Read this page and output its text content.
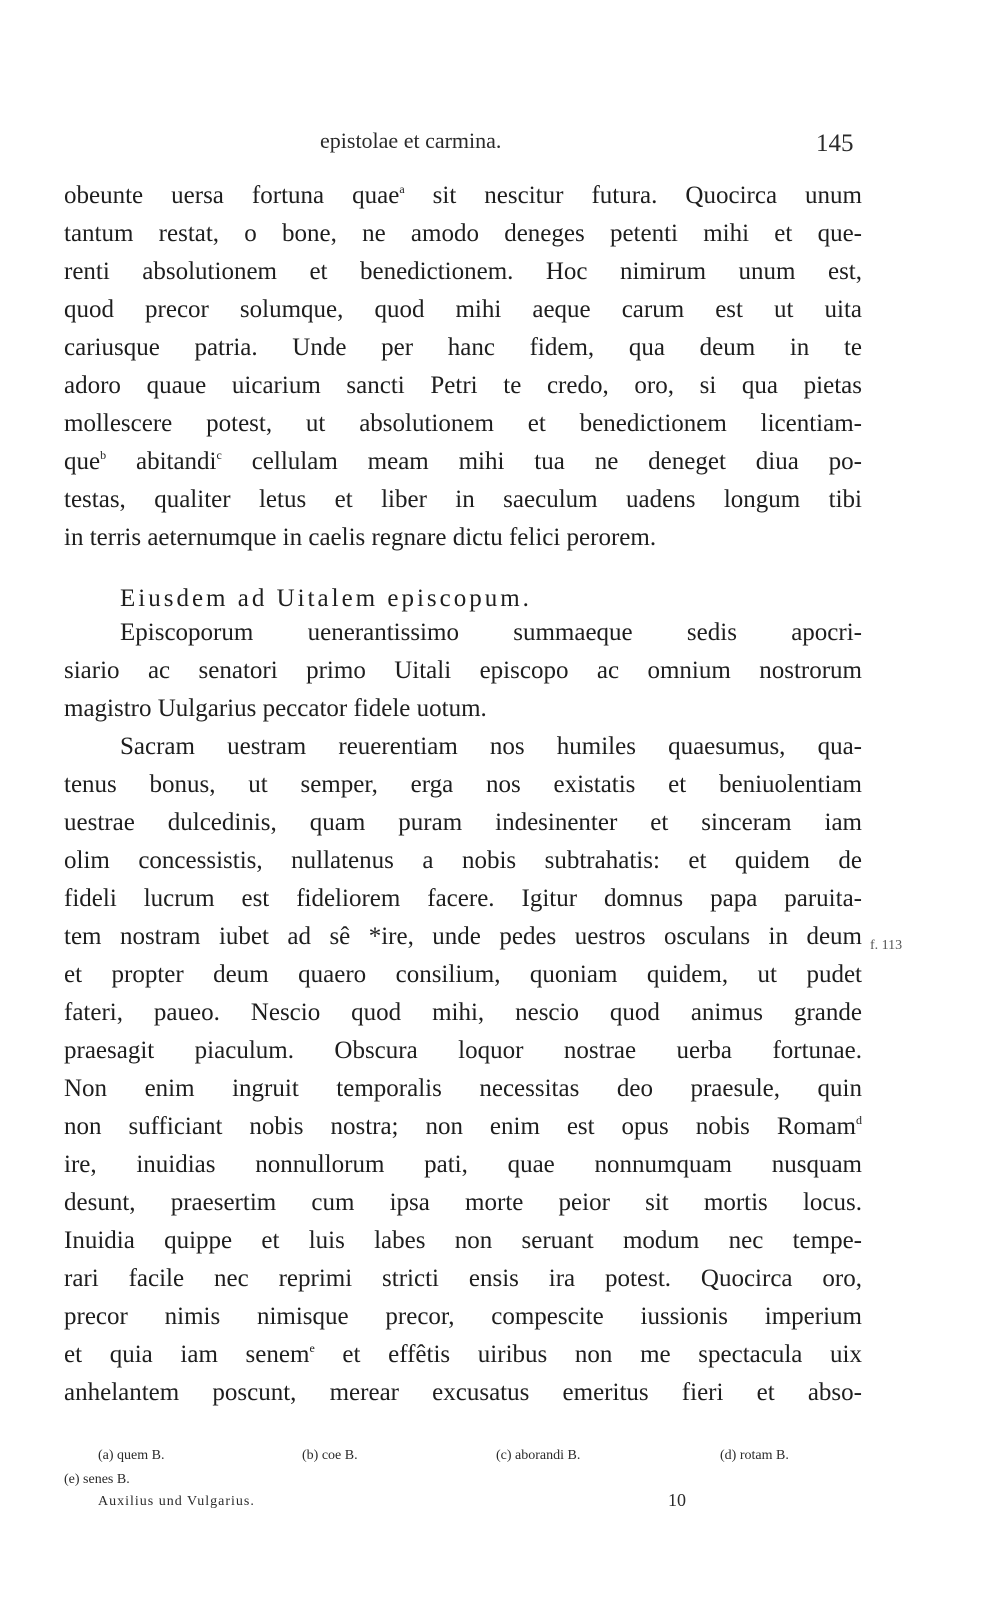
epistolae et carmina.	145
obeunte uersa fortuna quae$^a$ sit nescitur futura. Quocirca unum
tantum restat, o bone, ne amodo deneges petenti mihi et que-
renti absolutionem et benedictionem. Hoc nimirum unum est,
quod precor solumque, quod mihi aeque carum est ut uita
cariusque patria. Unde per hanc fidem, qua deum in te
adoro quaue uicarium sancti Petri te credo, oro, si qua pietas
mollescere potest, ut absolutionem et benedictionem licentiam-
que$^b$ abitandi$^c$ cellulam meam mihi tua ne deneget diua po-
testas, qualiter letus et liber in saeculum uadens longum tibi
in terris aeternumque in caelis regnare dictu felici perorem.
Episcoporum uenerantissimo summaeque sedis apocri-
siario ac senatori primo Uitali episcopo ac omnium nostrorum
magistro Uulgarius peccator fidele uotum.
Sacram uestram reuerentiam nos humiles quaesumus, qua-
tenus bonus, ut semper, erga nos existatis et beniuolentiam
uestrae dulcedinis, quam puram indesinenter et sinceram iam
olim concessistis, nullatenus a nobis subtrahatis: et quidem de
fideli lucrum est fideliorem facere. Igitur domnus papa paruita-
tem nostram iubet ad sê *ire, unde pedes uestros osculans in deum
et propter deum quaero consilium, quoniam quidem, ut pudet
fateri, paueo. Nescio quod mihi, nescio quod animus grande
praesagit piaculum. Obscura loquor nostrae uerba fortunae.
Non enim ingruit temporalis necessitas deo praesule, quin
non sufficiant nobis nostra; non enim est opus nobis Romam$^d$
ire, inuidias nonnullorum pati, quae nonnumquam nusquam
desunt, praesertim cum ipsa morte peior sit mortis locus.
Inuidia quippe et luis labes non seruant modum nec tempe-
rari facile nec reprimi stricti ensis ira potest. Quocirca oro,
precor nimis nimisque precor, compescite iussionis imperium
et quia iam senem$^e$ et effêtis uiribus non me spectacula uix
anhelantem poscunt, merear excusatus emeritus fieri et abso-
Eiusdem ad Uitalem episcopum.
f. 113
(a) quem B.	(b) coe B.	(c) aborandi B.	(d) rotam B.
(e) senes B.
Auxilius und Vulgarius.	10
